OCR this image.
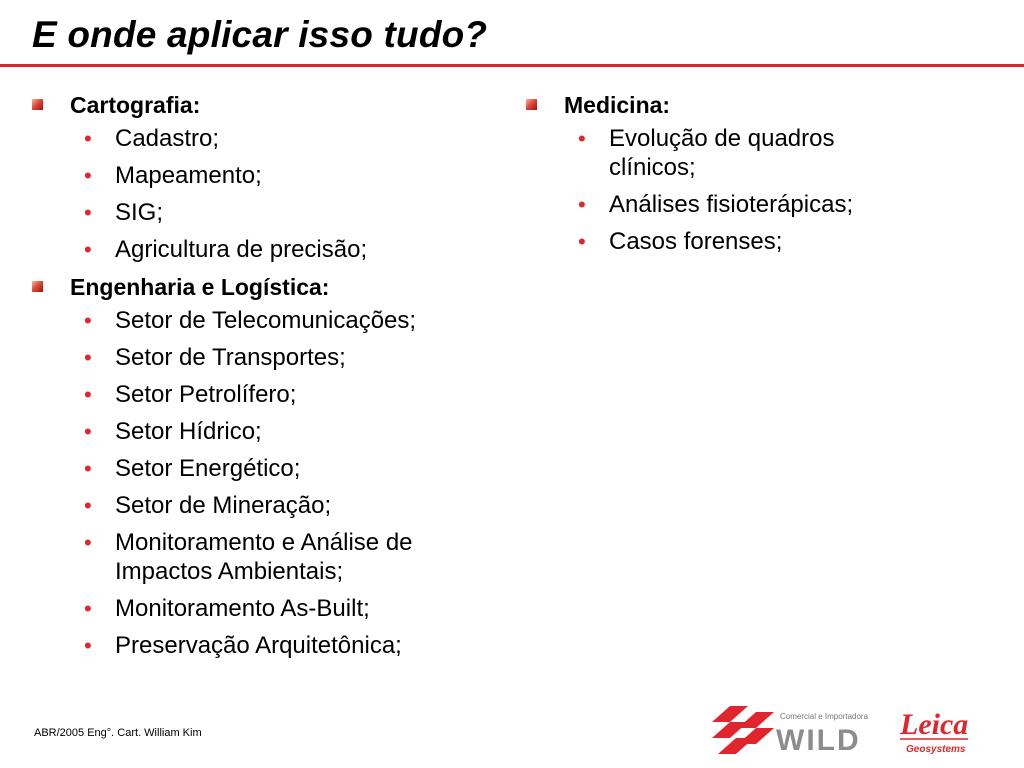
E onde aplicar isso tudo?
Cartografia:
• Cadastro;
• Mapeamento;
• SIG;
• Agricultura de precisão;
Engenharia e Logística:
• Setor de Telecomunicações;
• Setor de Transportes;
• Setor Petrolífero;
• Setor Hídrico;
• Setor Energético;
• Setor de Mineração;
• Monitoramento e Análise de Impactos Ambientais;
• Monitoramento As-Built;
• Preservação Arquitetônica;
Medicina:
• Evolução de quadros clínicos;
• Análises fisioterápicas;
• Casos forenses;
ABR/2005 Eng°. Cart. William Kim
Comercial e Importadora
WILD Leica
Geosystems
